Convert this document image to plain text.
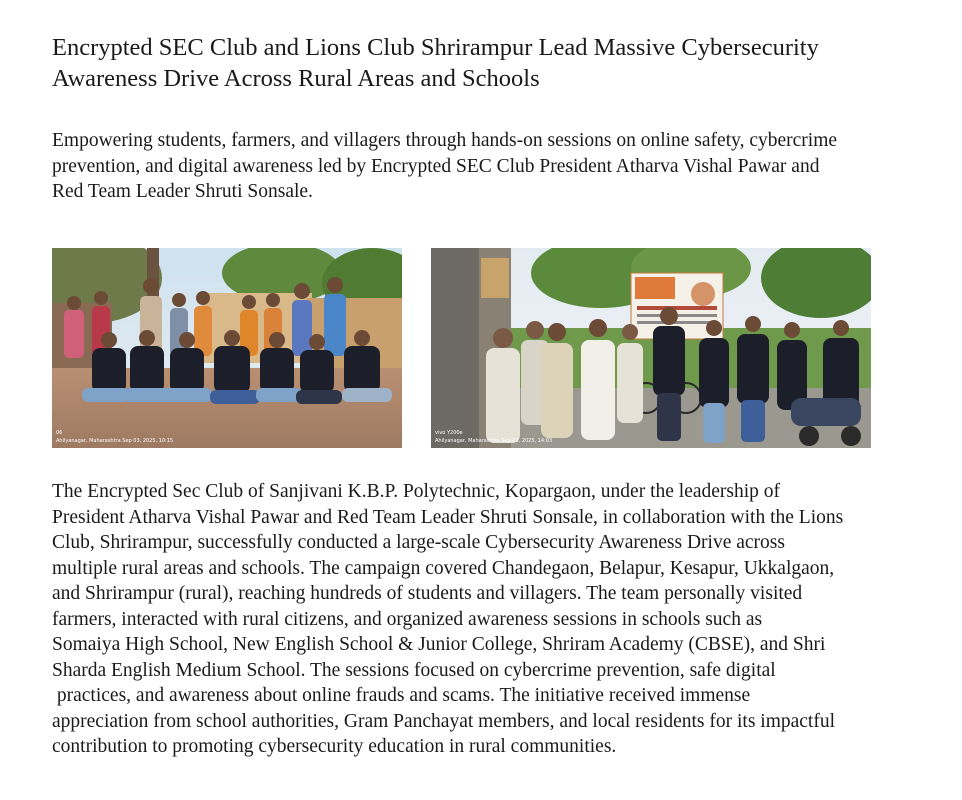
Encrypted SEC Club and Lions Club Shrirampur Lead Massive Cybersecurity
Awareness Drive Across Rural Areas and Schools

Empowering students, farmers, and villagers through hands-on sessions on online safety, cybercrime
prevention, and digital awareness led by Encrypted SEC Club President Atharva Vishal Pawar and
Red Team Leader Shruti Sonsale.

06
Ahilyanagar, Maharashtra Sep 03, 2025, 10:15
vivo Y200e
Ahilyanagar, Maharashtra Sep 03, 2025, 14:03

The Encrypted Sec Club of Sanjivani K.B.P. Polytechnic, Kopargaon, under the leadership of
President Atharva Vishal Pawar and Red Team Leader Shruti Sonsale, in collaboration with the Lions
Club, Shrirampur, successfully conducted a large-scale Cybersecurity Awareness Drive across
multiple rural areas and schools. The campaign covered Chandegaon, Belapur, Kesapur, Ukkalgaon,
and Shrirampur (rural), reaching hundreds of students and villagers. The team personally visited
farmers, interacted with rural citizens, and organized awareness sessions in schools such as
Somaiya High School, New English School & Junior College, Shriram Academy (CBSE), and Shri
Sharda English Medium School. The sessions focused on cybercrime prevention, safe digital
practices, and awareness about online frauds and scams. The initiative received immense
appreciation from school authorities, Gram Panchayat members, and local residents for its impactful
contribution to promoting cybersecurity education in rural communities.
